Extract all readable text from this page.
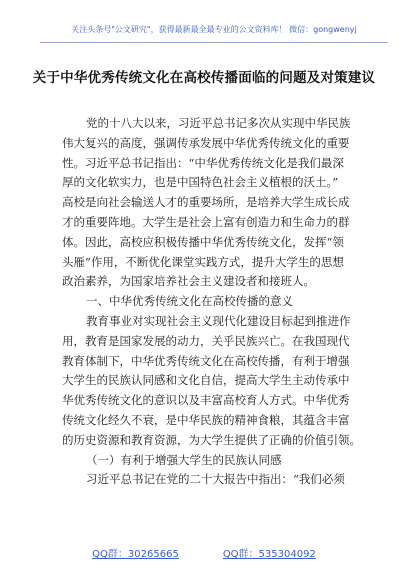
关注头条号"公文研究"，获得最新最全最专业的公文资料库！ 微信：gongwenyj
关于中华优秀传统文化在高校传播面临的问题及对策建议
党的十八大以来，习近平总书记多次从实现中华民族
伟大复兴的高度，强调传承发展中华优秀传统文化的重要
性。习近平总书记指出：“中华优秀传统文化是我们最深
厚的文化软实力，也是中国特色社会主义植根的沃土。”
高校是向社会输送人才的重要场所，是培养大学生成长成
才的重要阵地。大学生是社会上富有创造力和生命力的群
体。因此，高校应积极传播中华优秀传统文化，发挥“领
头雁”作用，不断优化课堂实践方式，提升大学生的思想
政治素养，为国家培养社会主义建设者和接班人。
一、中华优秀传统文化在高校传播的意义
教育事业对实现社会主义现代化建设目标起到推进作
用，教育是国家发展的动力，关乎民族兴亡。在我国现代
教育体制下，中华优秀传统文化在高校传播，有利于增强
大学生的民族认同感和文化自信，提高大学生主动传承中
华优秀传统文化的意识以及丰富高校育人方式。中华优秀
传统文化经久不衰，是中华民族的精神食粮，其蕴含丰富
的历史资源和教育资源，为大学生提供了正确的价值引领。
（一）有利于增强大学生的民族认同感
习近平总书记在党的二十大报告中指出：“我们必须
QQ群：30265665	QQ群：535304092
